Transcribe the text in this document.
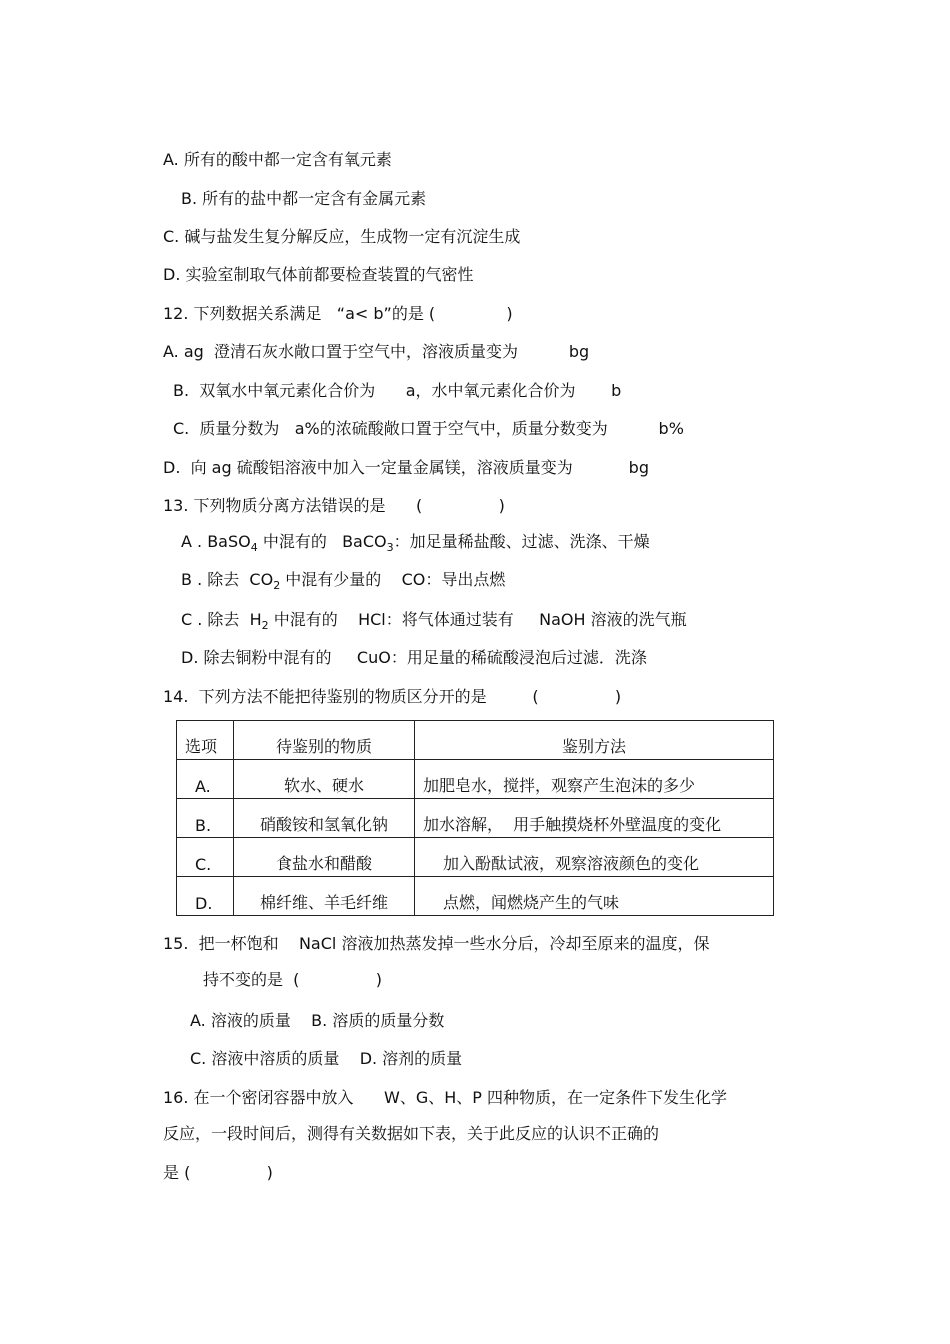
A. 所有的酸中都一定含有氧元素
B. 所有的盐中都一定含有金属元素
C. 碱与盐发生复分解反应，生成物一定有沉淀生成
D. 实验室制取气体前都要检查装置的气密性
12. 下列数据关系满足   “a< b”的是 (              )
A. ag  澄清石灰水敞口置于空气中，溶液质量变为          bg
B.  双氧水中氧元素化合价为      a，水中氧元素化合价为       b
C.  质量分数为   a%的浓硫酸敞口置于空气中，质量分数变为          b%
D.  向 ag 硫酸铝溶液中加入一定量金属镁，溶液质量变为           bg
13. 下列物质分离方法错误的是      (               )
A . BaSO$_4$ 中混有的   BaCO$_3$：加足量稀盐酸、过滤、洗涤、干燥
B . 除去  $CO_2$ 中混有少量的    CO：导出点燃
C . 除去  $H_2$ 中混有的    HCl：将气体通过装有     NaOH 溶液的洗气瓶
D. 除去铜粉中混有的     CuO：用足量的稀硫酸浸泡后过滤．洗涤
14.  下列方法不能把待鉴别的物质区分开的是         (               )
选项	待鉴别的物质	鉴别方法

A.	软水、硬水	加肥皂水，搅拌，观察产生泡沫的多少

B.	硝酸铵和氢氧化钠	加水溶解，  用手触摸烧杯外壁温度的变化

C.	食盐水和醋酸	加入酚酞试液，观察溶液颜色的变化

D.	棉纤维、羊毛纤维	点燃，闻燃烧产生的气味
15.  把一杯饱和    NaCl 溶液加热蒸发掉一些水分后，冷却至原来的温度，保
持不变的是  (               )
A. 溶液的质量    B. 溶质的质量分数
C. 溶液中溶质的质量    D. 溶剂的质量
16. 在一个密闭容器中放入      W、G、H、P 四种物质，在一定条件下发生化学
反应，一段时间后，测得有关数据如下表，关于此反应的认识不正确的
是 (               )
